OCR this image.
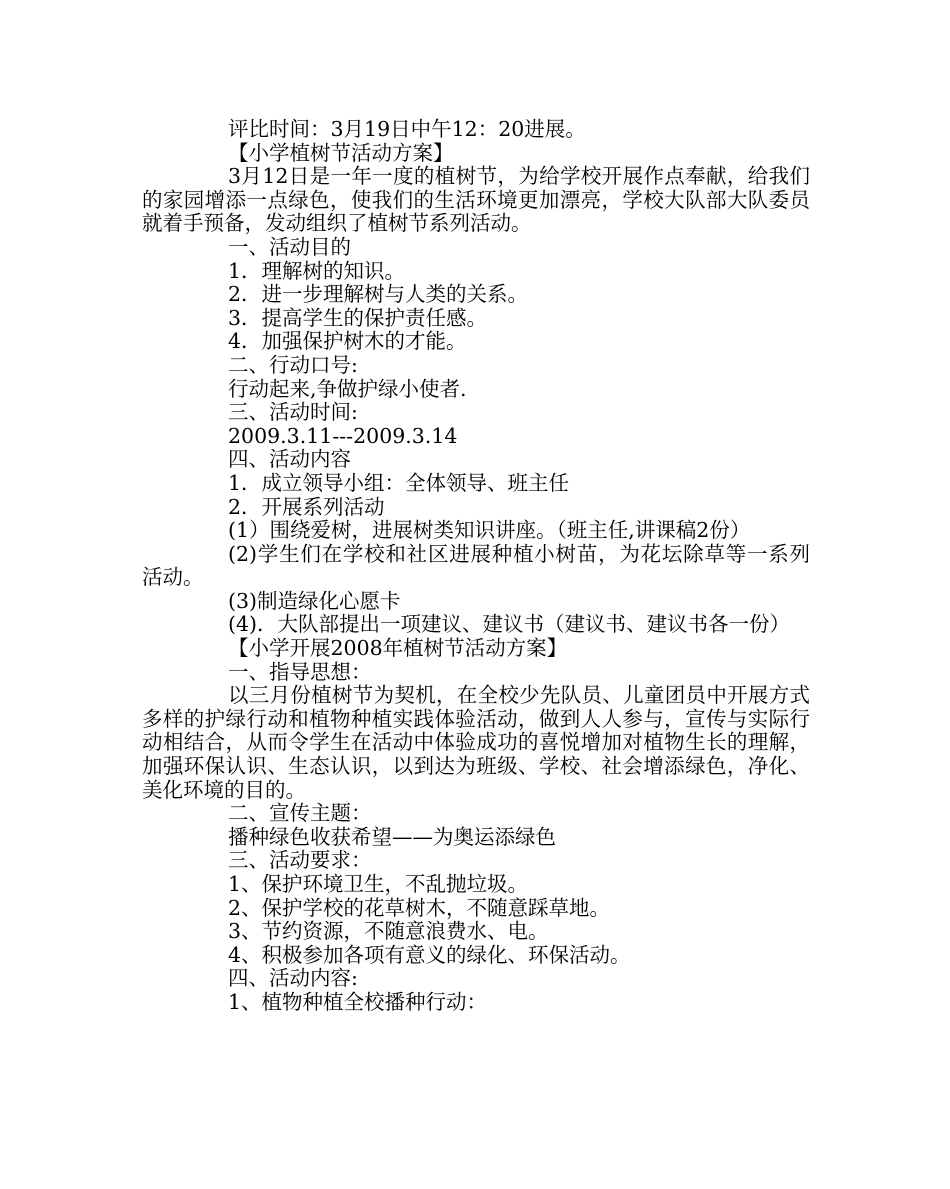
评比时间：3月19日中午12：20进展。

【小学植树节活动方案】

3月12日是一年一度的植树节，为给学校开展作点奉献，给我们的家园增添一点绿色，使我们的生活环境更加漂亮，学校大队部大队委员就着手预备，发动组织了植树节系列活动。

一、活动目的

1．理解树的知识。

2．进一步理解树与人类的关系。

3．提高学生的保护责任感。

4．加强保护树木的才能。

二、行动口号:

行动起来,争做护绿小使者.

三、活动时间:

2009.3.11---2009.3.14

四、活动内容

1．成立领导小组：全体领导、班主任

2．开展系列活动

(1）围绕爱树，进展树类知识讲座。（班主任,讲课稿2份）

(2)学生们在学校和社区进展种植小树苗，为花坛除草等一系列活动。

(3)制造绿化心愿卡

(4)．大队部提出一项建议、建议书（建议书、建议书各一份）

【小学开展2008年植树节活动方案】

一、指导思想：

以三月份植树节为契机，在全校少先队员、儿童团员中开展方式多样的护绿行动和植物种植实践体验活动，做到人人参与，宣传与实际行动相结合，从而令学生在活动中体验成功的喜悦增加对植物生长的理解，加强环保认识、生态认识，以到达为班级、学校、社会增添绿色，净化、美化环境的目的。

二、宣传主题：

播种绿色收获希望——为奥运添绿色

三、活动要求：

1、保护环境卫生，不乱抛垃圾。

2、保护学校的花草树木，不随意踩草地。

3、节约资源，不随意浪费水、电。

4、积极参加各项有意义的绿化、环保活动。

四、活动内容:

1、植物种植全校播种行动：
